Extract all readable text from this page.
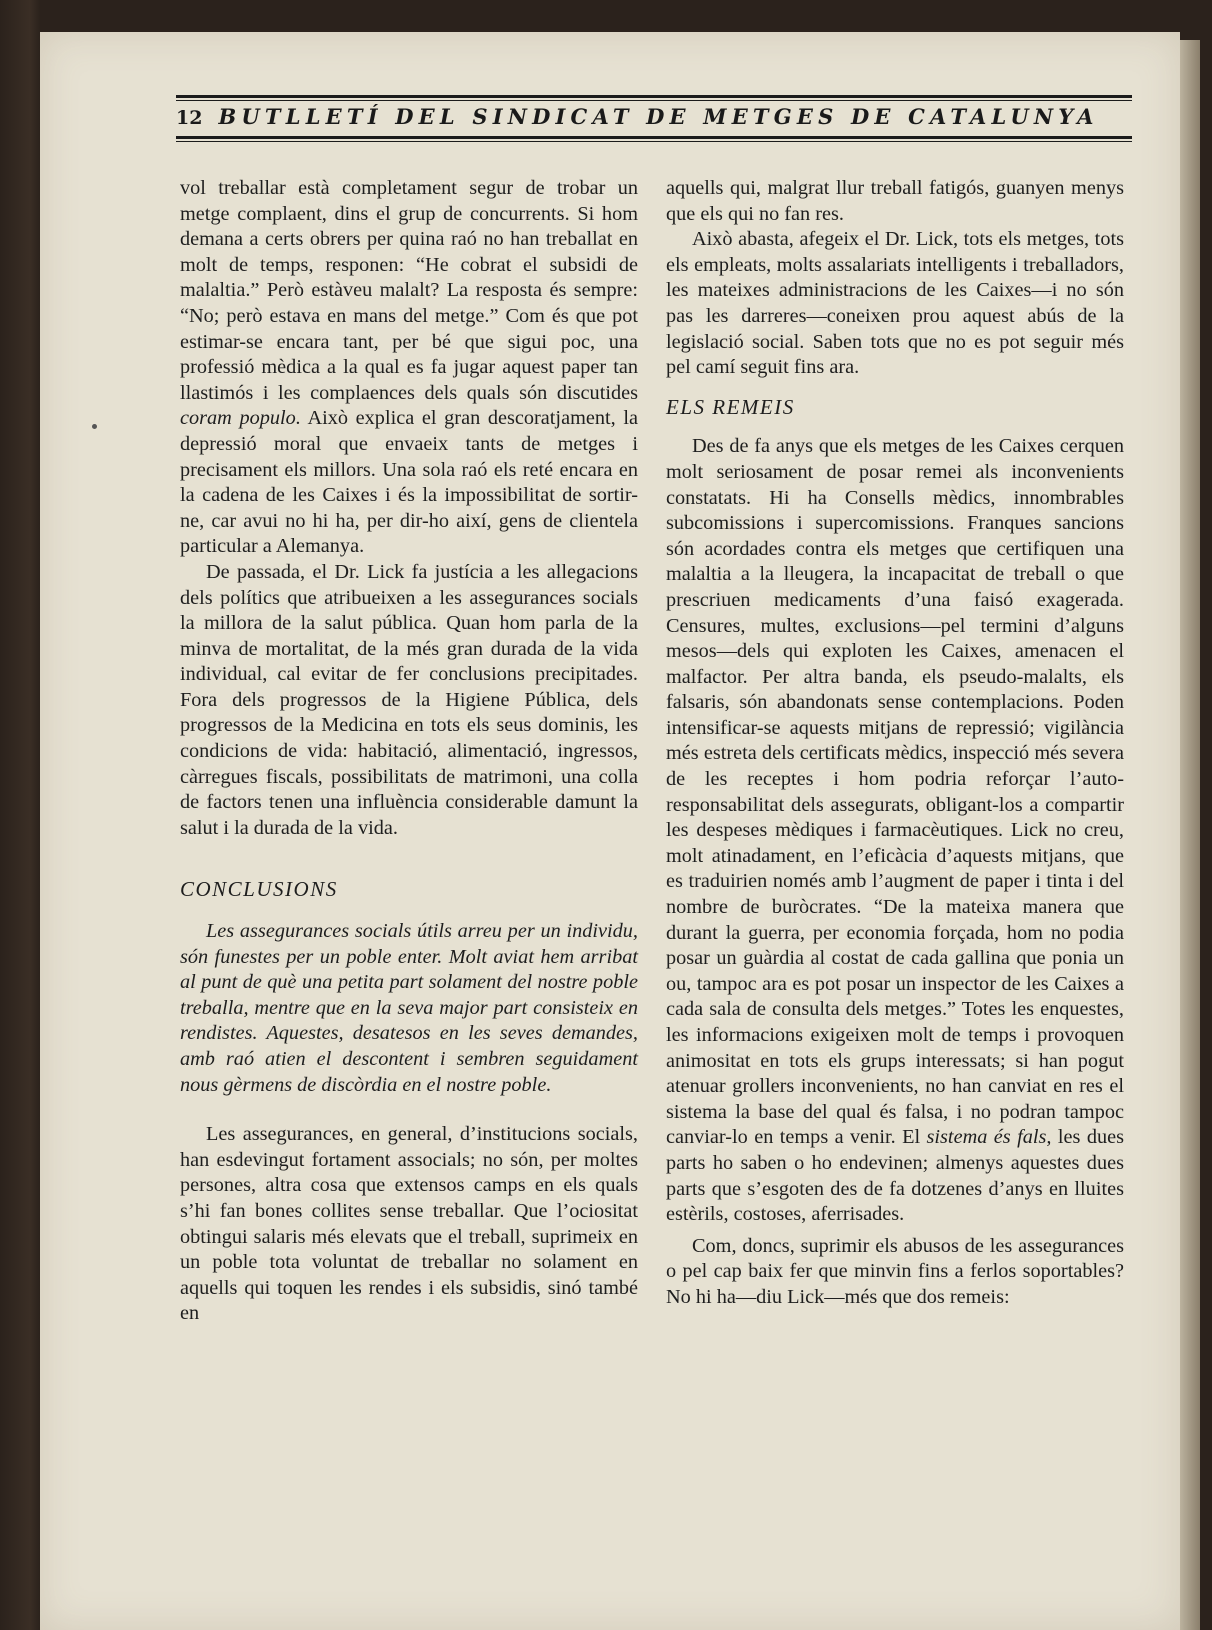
12 BUTLLETÍ DEL SINDICAT DE METGES DE CATALUNYA

vol treballar està completament segur de trobar un metge complaent, dins el grup de concurrents. Si hom demana a certs obrers per quina raó no han treballat en molt de temps, responen: “He cobrat el subsidi de malaltia.” Però estàveu malalt? La resposta és sempre: “No; però estava en mans del metge.” Com és que pot estimar-se encara tant, per bé que sigui poc, una professió mèdica a la qual es fa jugar aquest paper tan llastimós i les complaences dels quals són discutides coram populo. Això explica el gran descoratjament, la depressió moral que envaeix tants de metges i precisament els millors. Una sola raó els reté encara en la cadena de les Caixes i és la impossibilitat de sortir-ne, car avui no hi ha, per dir-ho així, gens de clientela particular a Alemanya.

De passada, el Dr. Lick fa justícia a les allegacions dels polítics que atribueixen a les assegurances socials la millora de la salut pública. Quan hom parla de la minva de mortalitat, de la més gran durada de la vida individual, cal evitar de fer conclusions precipitades. Fora dels progressos de la Higiene Pública, dels progressos de la Medicina en tots els seus dominis, les condicions de vida: habitació, alimentació, ingressos, càrregues fiscals, possibilitats de matrimoni, una colla de factors tenen una influència considerable damunt la salut i la durada de la vida.

CONCLUSIONS

Les assegurances socials útils arreu per un individu, són funestes per un poble enter. Molt aviat hem arribat al punt de què una petita part solament del nostre poble treballa, mentre que en la seva major part consisteix en rendistes. Aquestes, desatesos en les seves demandes, amb raó atien el descontent i sembren seguidament nous gèrmens de discòrdia en el nostre poble.

Les assegurances, en general, d’institucions socials, han esdevingut fortament associals; no són, per moltes persones, altra cosa que extensos camps en els quals s’hi fan bones collites sense treballar. Que l’ociositat obtingui salaris més elevats que el treball, suprimeix en un poble tota voluntat de treballar no solament en aquells qui toquen les rendes i els subsidis, sinó també en

aquells qui, malgrat llur treball fatigós, guanyen menys que els qui no fan res.

Això abasta, afegeix el Dr. Lick, tots els metges, tots els empleats, molts assalariats intelligents i treballadors, les mateixes administracions de les Caixes—i no són pas les darreres—coneixen prou aquest abús de la legislació social. Saben tots que no es pot seguir més pel camí seguit fins ara.

ELS REMEIS

Des de fa anys que els metges de les Caixes cerquen molt seriosament de posar remei als inconvenients constatats. Hi ha Consells mèdics, innombrables subcomissions i supercomissions. Franques sancions són acordades contra els metges que certifiquen una malaltia a la lleugera, la incapacitat de treball o que prescriuen medicaments d’una faisó exagerada. Censures, multes, exclusions—pel termini d’alguns mesos—dels qui exploten les Caixes, amenacen el malfactor. Per altra banda, els pseudo-malalts, els falsaris, són abandonats sense contemplacions. Poden intensificar-se aquests mitjans de repressió; vigilància més estreta dels certificats mèdics, inspecció més severa de les receptes i hom podria reforçar l’auto-responsabilitat dels assegurats, obligant-los a compartir les despeses mèdiques i farmacèutiques. Lick no creu, molt atinadament, en l’eficàcia d’aquests mitjans, que es traduirien només amb l’augment de paper i tinta i del nombre de buròcrates. “De la mateixa manera que durant la guerra, per economia forçada, hom no podia posar un guàrdia al costat de cada gallina que ponia un ou, tampoc ara es pot posar un inspector de les Caixes a cada sala de consulta dels metges.” Totes les enquestes, les informacions exigeixen molt de temps i provoquen animositat en tots els grups interessats; si han pogut atenuar grollers inconvenients, no han canviat en res el sistema la base del qual és falsa, i no podran tampoc canviar-lo en temps a venir. El sistema és fals, les dues parts ho saben o ho endevinen; almenys aquestes dues parts que s’esgoten des de fa dotzenes d’anys en lluites estèrils, costoses, aferrisades.

Com, doncs, suprimir els abusos de les assegurances o pel cap baix fer que minvin fins a ferlos soportables? No hi ha—diu Lick—més que dos remeis:
